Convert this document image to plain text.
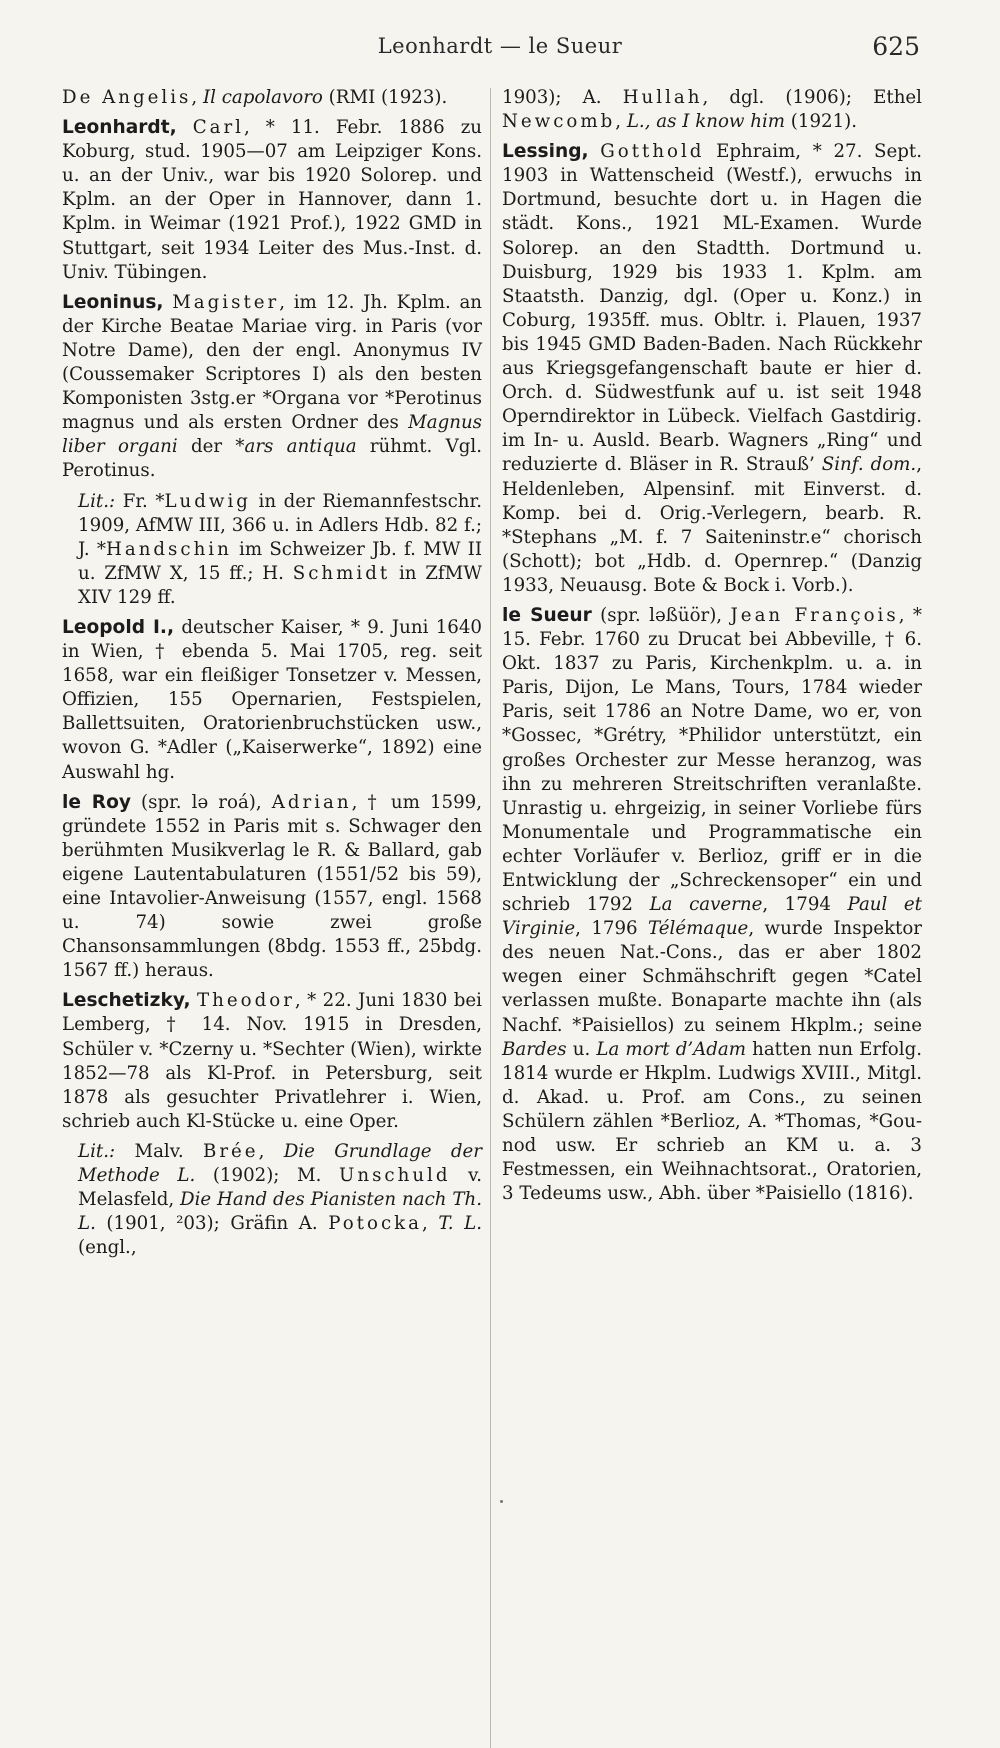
Leonhardt — le Sueur	625

De Angelis, Il capolavoro (RMI (1923).

Leonhardt, Carl, * 11. Febr. 1886 zu Koburg, stud. 1905—07 am Leipziger Kons. u. an der Univ., war bis 1920 Solorep. und Kplm. an der Oper in Hannover, dann 1. Kplm. in Weimar (1921 Prof.), 1922 GMD in Stuttgart, seit 1934 Leiter des Mus.-Inst. d. Univ. Tübingen.

Leoninus, Magister, im 12. Jh. Kplm. an der Kirche Beatae Mariae virg. in Paris (vor Notre Dame), den der engl. Anonymus IV (Coussemaker Scriptores I) als den besten Komponisten 3stg.er *Organa vor *Perotinus magnus und als ersten Ordner des Magnus liber organi der *ars antiqua rühmt. Vgl. Perotinus.

Lit.: Fr. *Ludwig in der Riemannfestschr. 1909, AfMW III, 366 u. in Adlers Hdb. 82 f.; J. *Handschin im Schweizer Jb. f. MW II u. ZfMW X, 15 ff.; H. Schmidt in ZfMW XIV 129 ff.

Leopold I., deutscher Kaiser, * 9. Juni 1640 in Wien, † ebenda 5. Mai 1705, reg. seit 1658, war ein fleißiger Tonsetzer v. Messen, Offizien, 155 Opernarien, Festspielen, Ballettsuiten, Oratorienbruchstücken usw., wovon G. *Adler („Kaiserwerke“, 1892) eine Auswahl hg.

le Roy (spr. lə roá), Adrian, † um 1599, gründete 1552 in Paris mit s. Schwager den berühmten Musikverlag le R. & Ballard, gab eigene Lautentabulaturen (1551/52 bis 59), eine Intavolier-Anweisung (1557, engl. 1568 u. 74) sowie zwei große Chansonsammlungen (8bdg. 1553 ff., 25bdg. 1567 ff.) heraus.

Leschetizky, Theodor, * 22. Juni 1830 bei Lemberg, † 14. Nov. 1915 in Dresden, Schüler v. *Czerny u. *Sechter (Wien), wirkte 1852—78 als Kl-Prof. in Petersburg, seit 1878 als gesuchter Privatlehrer i. Wien, schrieb auch Kl-Stücke u. eine Oper.

Lit.: Malv. Brée, Die Grundlage der Methode L. (1902); M. Unschuld v. Melasfeld, Die Hand des Pianisten nach Th. L. (1901, ²03); Gräfin A. Potocka, T. L. (engl.,

1903); A. Hullah, dgl. (1906); Ethel Newcomb, L., as I know him (1921).

Lessing, Gotthold Ephraim, * 27. Sept. 1903 in Wattenscheid (Westf.), erwuchs in Dortmund, besuchte dort u. in Hagen die städt. Kons., 1921 ML-Examen. Wurde Solorep. an den Stadtth. Dortmund u. Duisburg, 1929 bis 1933 1. Kplm. am Staatsth. Danzig, dgl. (Oper u. Konz.) in Coburg, 1935ff. mus. Obltr. i. Plauen, 1937 bis 1945 GMD Baden-Baden. Nach Rückkehr aus Kriegsgefangenschaft baute er hier d. Orch. d. Südwestfunk auf u. ist seit 1948 Operndirektor in Lübeck. Vielfach Gastdirig. im In- u. Ausld. Bearb. Wagners „Ring“ und reduzierte d. Bläser in R. Strauß’ Sinf. dom., Heldenleben, Alpensinf. mit Einverst. d. Komp. bei d. Orig.-Verlegern, bearb. R. *Stephans „M. f. 7 Saiteninstr.e“ chorisch (Schott); bot „Hdb. d. Opernrep.“ (Danzig 1933, Neuausg. Bote & Bock i. Vorb.).

le Sueur (spr. ləßüör), Jean François, * 15. Febr. 1760 zu Drucat bei Abbeville, † 6. Okt. 1837 zu Paris, Kirchenkplm. u. a. in Paris, Dijon, Le Mans, Tours, 1784 wieder Paris, seit 1786 an Notre Dame, wo er, von *Gossec, *Grétry, *Philidor unterstützt, ein großes Orchester zur Messe heranzog, was ihn zu mehreren Streitschriften veranlaßte. Unrastig u. ehrgeizig, in seiner Vorliebe fürs Monumentale und Programmatische ein echter Vorläufer v. Berlioz, griff er in die Entwicklung der „Schreckensoper“ ein und schrieb 1792 La caverne, 1794 Paul et Virginie, 1796 Télémaque, wurde Inspektor des neuen Nat.-Cons., das er aber 1802 wegen einer Schmähschrift gegen *Catel verlassen mußte. Bonaparte machte ihn (als Nachf. *Paisiellos) zu seinem Hkplm.; seine Bardes u. La mort d’Adam hatten nun Erfolg. 1814 wurde er Hkplm. Ludwigs XVIII., Mitgl. d. Akad. u. Prof. am Cons., zu seinen Schülern zählen *Berlioz, A. *Thomas, *Gounod usw. Er schrieb an KM u. a. 3 Festmessen, ein Weihnachtsorat., Oratorien, 3 Tedeums usw., Abh. über *Paisiello (1816).
